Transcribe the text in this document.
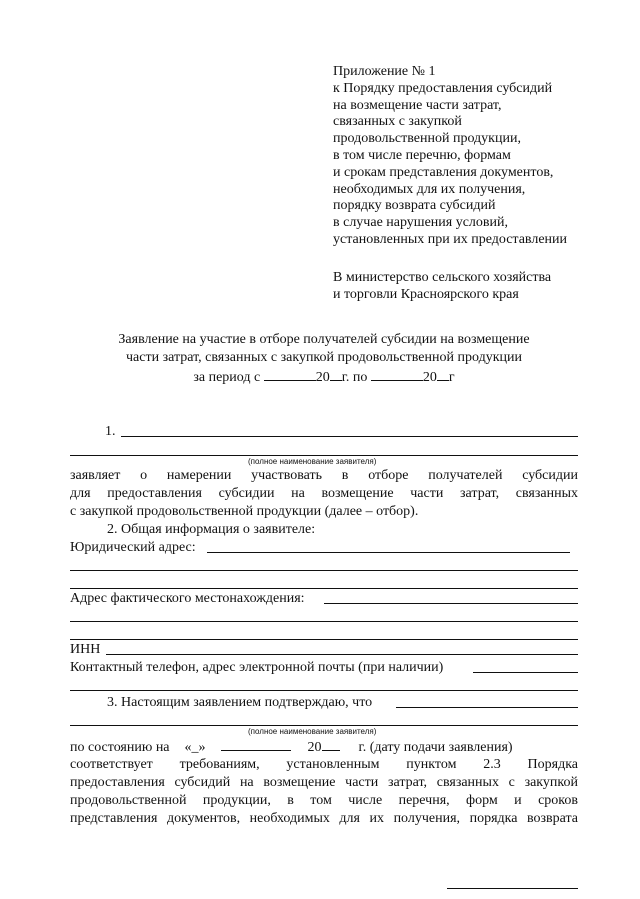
Приложение № 1
к Порядку предоставления субсидий
на возмещение части затрат,
связанных с закупкой
продовольственной продукции,
в том числе перечню, формам
и срокам представления документов,
необходимых для их получения,
порядку возврата субсидий
в случае нарушения условий,
установленных при их предоставлении
В министерство сельского хозяйства
и торговли Красноярского края
Заявление на участие в отборе получателей субсидии на возмещение
части затрат, связанных с закупкой продовольственной продукции
за период с	20 г. по	20 г
1.
(полное наименование заявителя)
заявляет о намерении участвовать в отборе получателей субсидии
для предоставления субсидии на возмещение части затрат, связанных
с закупкой продовольственной продукции (далее – отбор).
2. Общая информация о заявителе:
Юридический адрес:
Адрес фактического местонахождения:
ИНН
Контактный телефон, адрес электронной почты (при наличии)
3. Настоящим заявлением подтверждаю, что
(полное наименование заявителя)
по состоянию на «_»	20	г. (дату подачи заявления)
соответствует требованиям, установленным пунктом 2.3 Порядка
предоставления субсидий на возмещение части затрат, связанных с закупкой
продовольственной продукции, в том числе перечня, форм и сроков
представления документов, необходимых для их получения, порядка возврата
